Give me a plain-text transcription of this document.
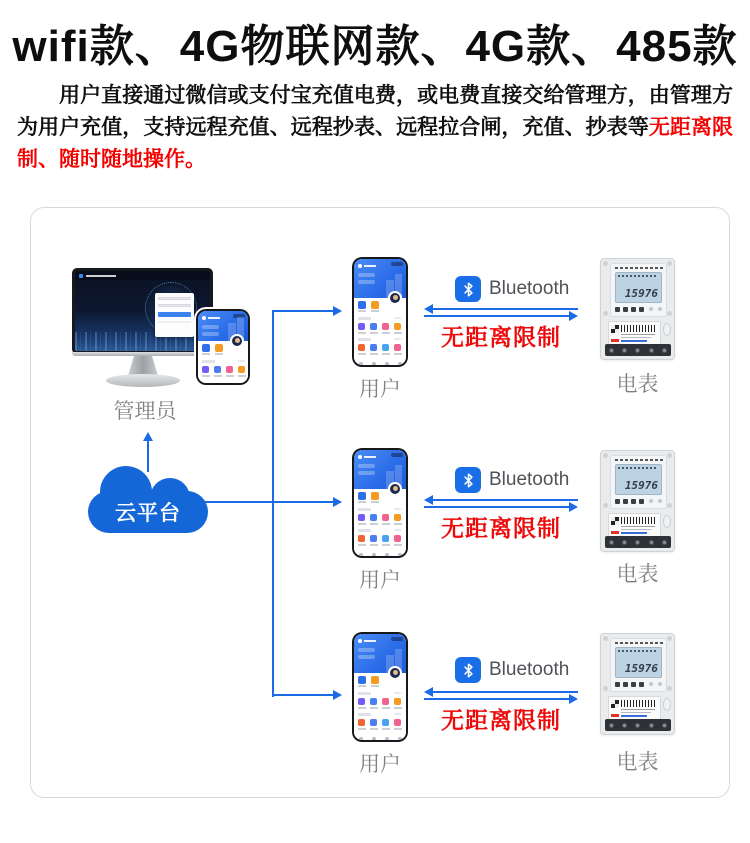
wifi款、4G物联网款、4G款、485款
用户直接通过微信或支付宝充值电费，或电费直接交给管理方，由管理方为用户充值，支持远程充值、远程抄表、远程拉合闸，充值、抄表等无距离限制、随时随地操作。
管理员
云平台
用户
Bluetooth
无距离限制
15976
电表
用户
Bluetooth
无距离限制
15976
电表
用户
Bluetooth
无距离限制
15976
电表
